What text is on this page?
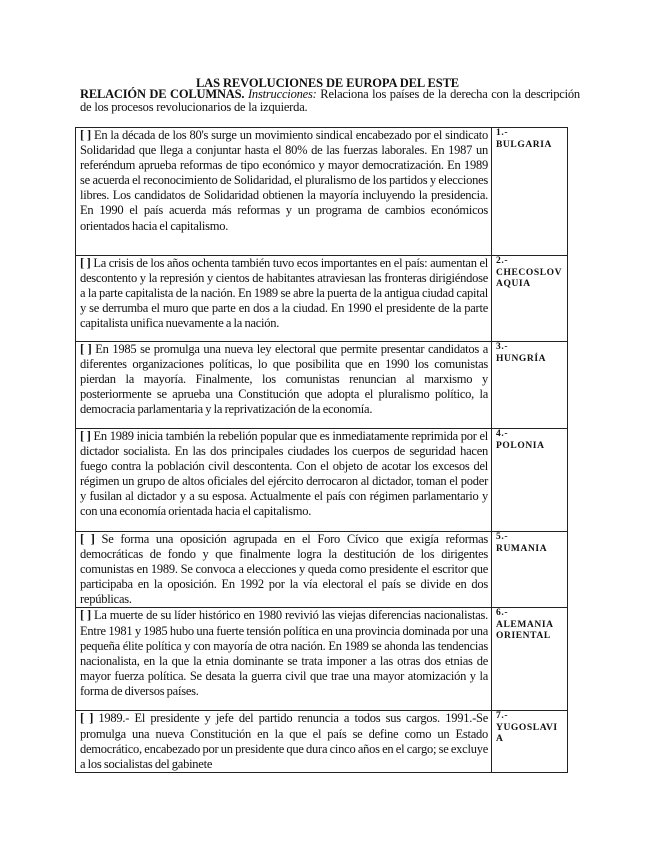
LAS REVOLUCIONES DE EUROPA DEL ESTE
RELACIÓN DE COLUMNAS. Instrucciones: Relaciona los países de la derecha con la descripción de los procesos revolucionarios de la izquierda.
[ ] En la década de los 80's surge un movimiento sindical encabezado por el sindicato Solidaridad que llega a conjuntar hasta el 80% de las fuerzas laborales. En 1987 un referéndum aprueba reformas de tipo económico y mayor democratización. En 1989 se acuerda el reconocimiento de Solidaridad, el pluralismo de los partidos y elecciones libres. Los candidatos de Solidaridad obtienen la mayoría incluyendo la presidencia. En 1990 el país acuerda más reformas y un programa de cambios económicos orientados hacia el capitalismo.	1.-
BULGARIA

[ ] La crisis de los años ochenta también tuvo ecos importantes en el país: aumentan el descontento y la represión y cientos de habitantes atraviesan las fronteras dirigiéndose a la parte capitalista de la nación. En 1989 se abre la puerta de la antigua ciudad capital y se derrumba el muro que parte en dos a la ciudad. En 1990 el presidente de la parte capitalista unifica nuevamente a la nación.	2.-
CHECOSLOVAQUIA

[ ] En 1985 se promulga una nueva ley electoral que permite presentar candidatos a diferentes organizaciones políticas, lo que posibilita que en 1990 los comunistas pierdan la mayoría. Finalmente, los comunistas renuncian al marxismo y posteriormente se aprueba una Constitución que adopta el pluralismo político, la democracia parlamentaria y la reprivatización de la economía.	3.-
HUNGRÍA

[ ] En 1989 inicia también la rebelión popular que es inmediatamente reprimida por el dictador socialista. En las dos principales ciudades los cuerpos de seguridad hacen fuego contra la población civil descontenta. Con el objeto de acotar los excesos del régimen un grupo de altos oficiales del ejército derrocaron al dictador, toman el poder y fusilan al dictador y a su esposa. Actualmente el país con régimen parlamentario y con una economía orientada hacia el capitalismo.	4.-
POLONIA

[ ] Se forma una oposición agrupada en el Foro Cívico que exigía reformas democráticas de fondo y que finalmente logra la destitución de los dirigentes comunistas en 1989. Se convoca a elecciones y queda como presidente el escritor que participaba en la oposición. En 1992 por la vía electoral el país se divide en dos repúblicas.	5.-
RUMANIA

[ ] La muerte de su líder histórico en 1980 revivió las viejas diferencias nacionalistas. Entre 1981 y 1985 hubo una fuerte tensión política en una provincia dominada por una pequeña élite política y con mayoría de otra nación. En 1989 se ahonda las tendencias nacionalista, en la que la etnia dominante se trata imponer a las otras dos etnias de mayor fuerza política. Se desata la guerra civil que trae una mayor atomización y la forma de diversos países.	6.-
ALEMANIA ORIENTAL

[ ] 1989.- El presidente y jefe del partido renuncia a todos sus cargos. 1991.-Se promulga una nueva Constitución en la que el país se define como un Estado democrático, encabezado por un presidente que dura cinco años en el cargo; se excluye a los socialistas del gabinete	7.-
YUGOSLAVIA
